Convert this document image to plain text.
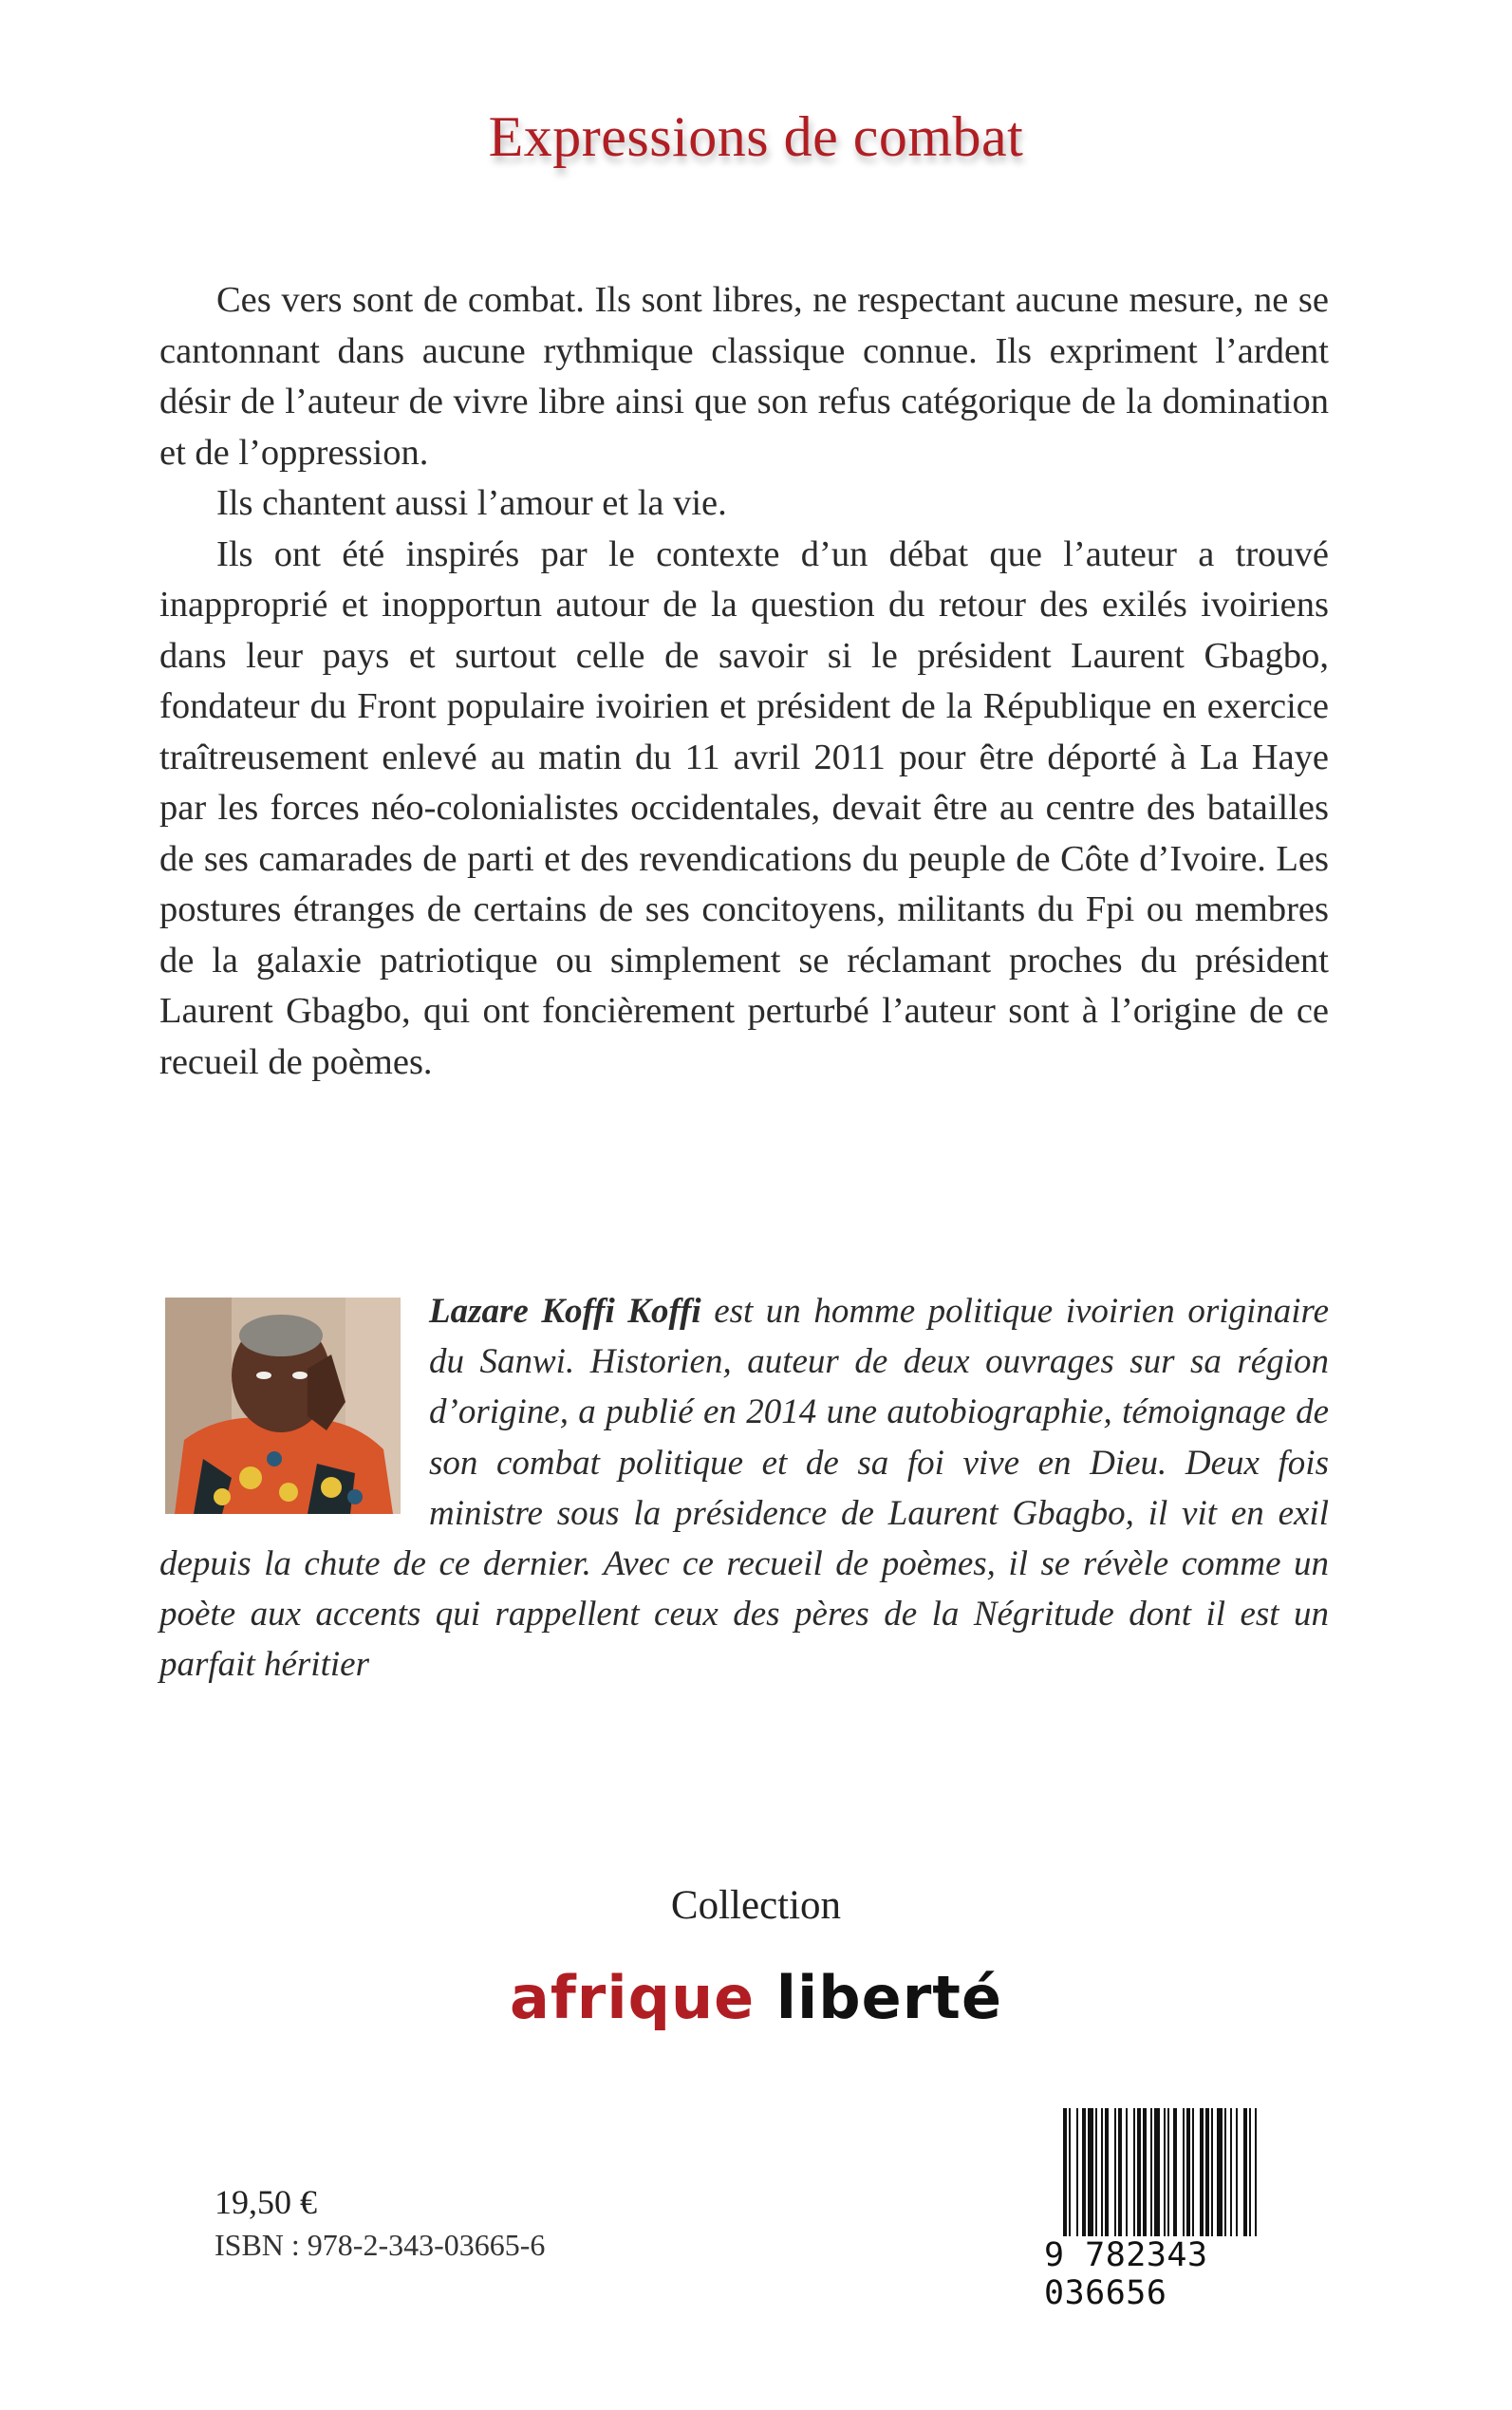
Expressions de combat

Ces vers sont de combat. Ils sont libres, ne respectant aucune mesure, ne se cantonnant dans aucune rythmique classique connue. Ils expriment l’ardent désir de l’auteur de vivre libre ainsi que son refus catégorique de la domination et de l’oppression.

Ils chantent aussi l’amour et la vie.

Ils ont été inspirés par le contexte d’un débat que l’auteur a trouvé inapproprié et inopportun autour de la question du retour des exilés ivoiriens dans leur pays et surtout celle de savoir si le président Laurent Gbagbo, fondateur du Front populaire ivoirien et président de la République en exercice traîtreusement enlevé au matin du 11 avril 2011 pour être déporté à La Haye par les forces néo-colonialistes occidentales, devait être au centre des batailles de ses camarades de parti et des revendications du peuple de Côte d’Ivoire. Les postures étranges de certains de ses concitoyens, militants du Fpi ou membres de la galaxie patriotique ou simplement se réclamant proches du président Laurent Gbagbo, qui ont foncièrement perturbé l’auteur sont à l’origine de ce recueil de poèmes.

Lazare Koffi Koffi est un homme politique ivoirien originaire du Sanwi. Historien, auteur de deux ouvrages sur sa région d’origine, a publié en 2014 une autobiographie, témoignage de son combat politique et de sa foi vive en Dieu. Deux fois ministre sous la présidence de Laurent Gbagbo, il vit en exil depuis la chute de ce dernier. Avec ce recueil de poèmes, il se révèle comme un poète aux accents qui rappellent ceux des pères de la Négritude dont il est un parfait héritier
Collection
afrique liberté
19,50 €
ISBN : 978-2-343-03665-6	9 782343 036656
